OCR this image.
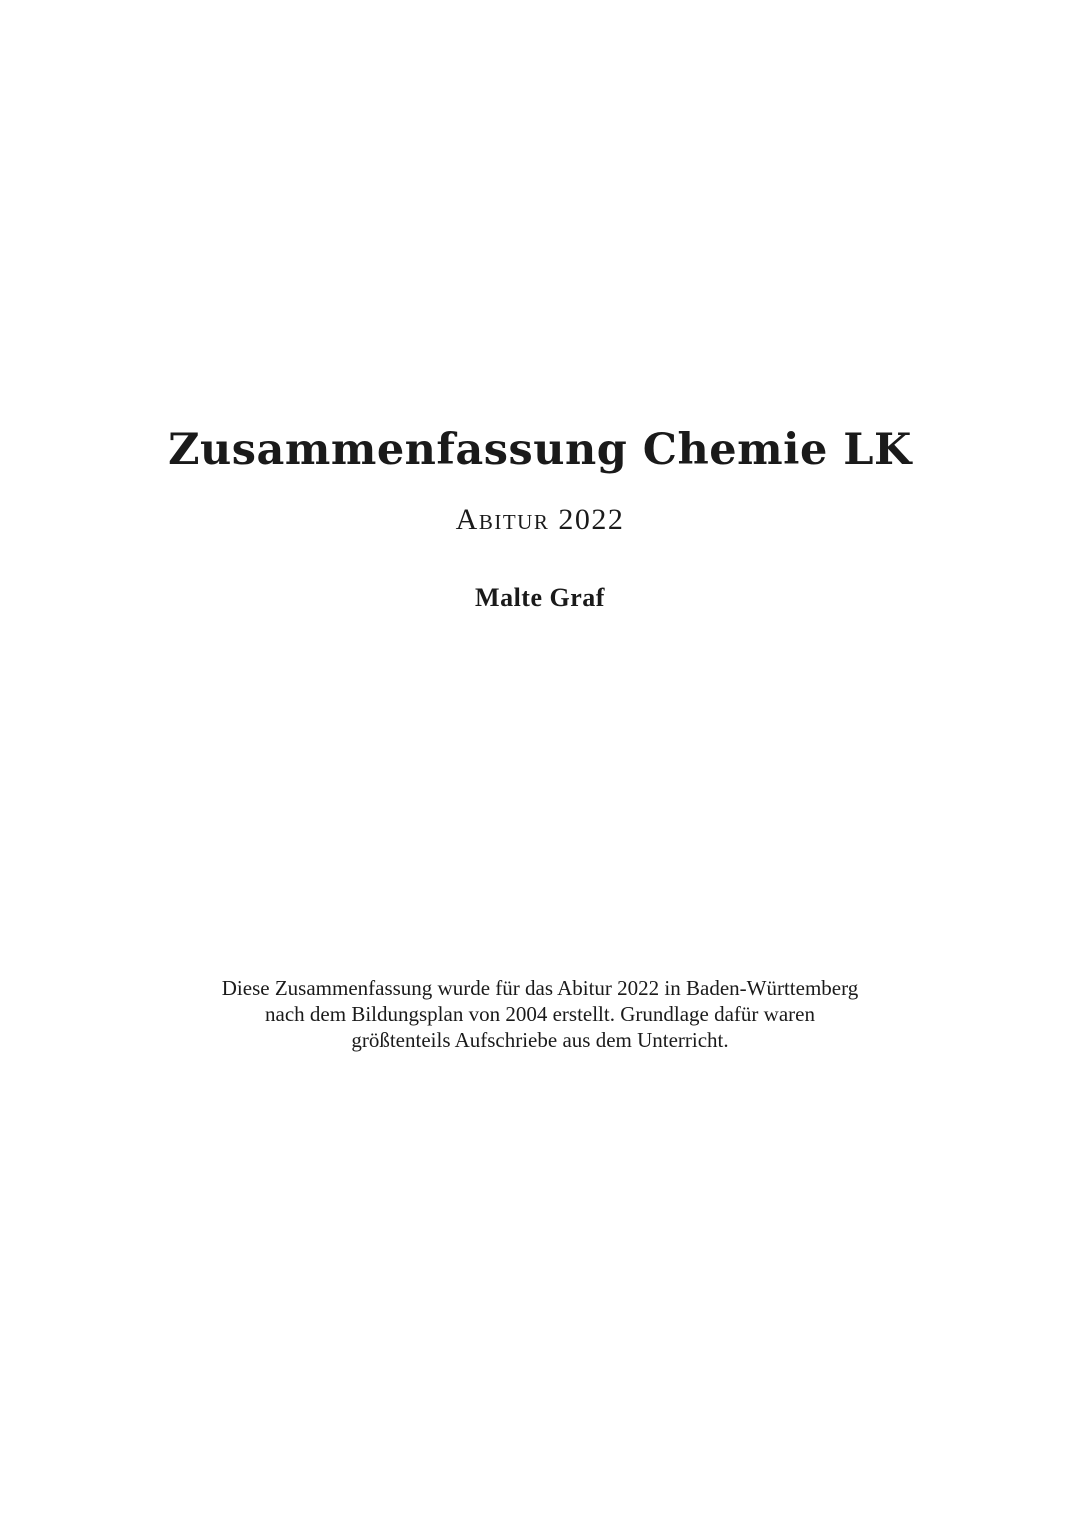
Zusammenfassung Chemie LK
Abitur 2022
Malte Graf

Diese Zusammenfassung wurde für das Abitur 2022 in Baden-Württemberg
nach dem Bildungsplan von 2004 erstellt. Grundlage dafür waren
größtenteils Aufschriebe aus dem Unterricht.
